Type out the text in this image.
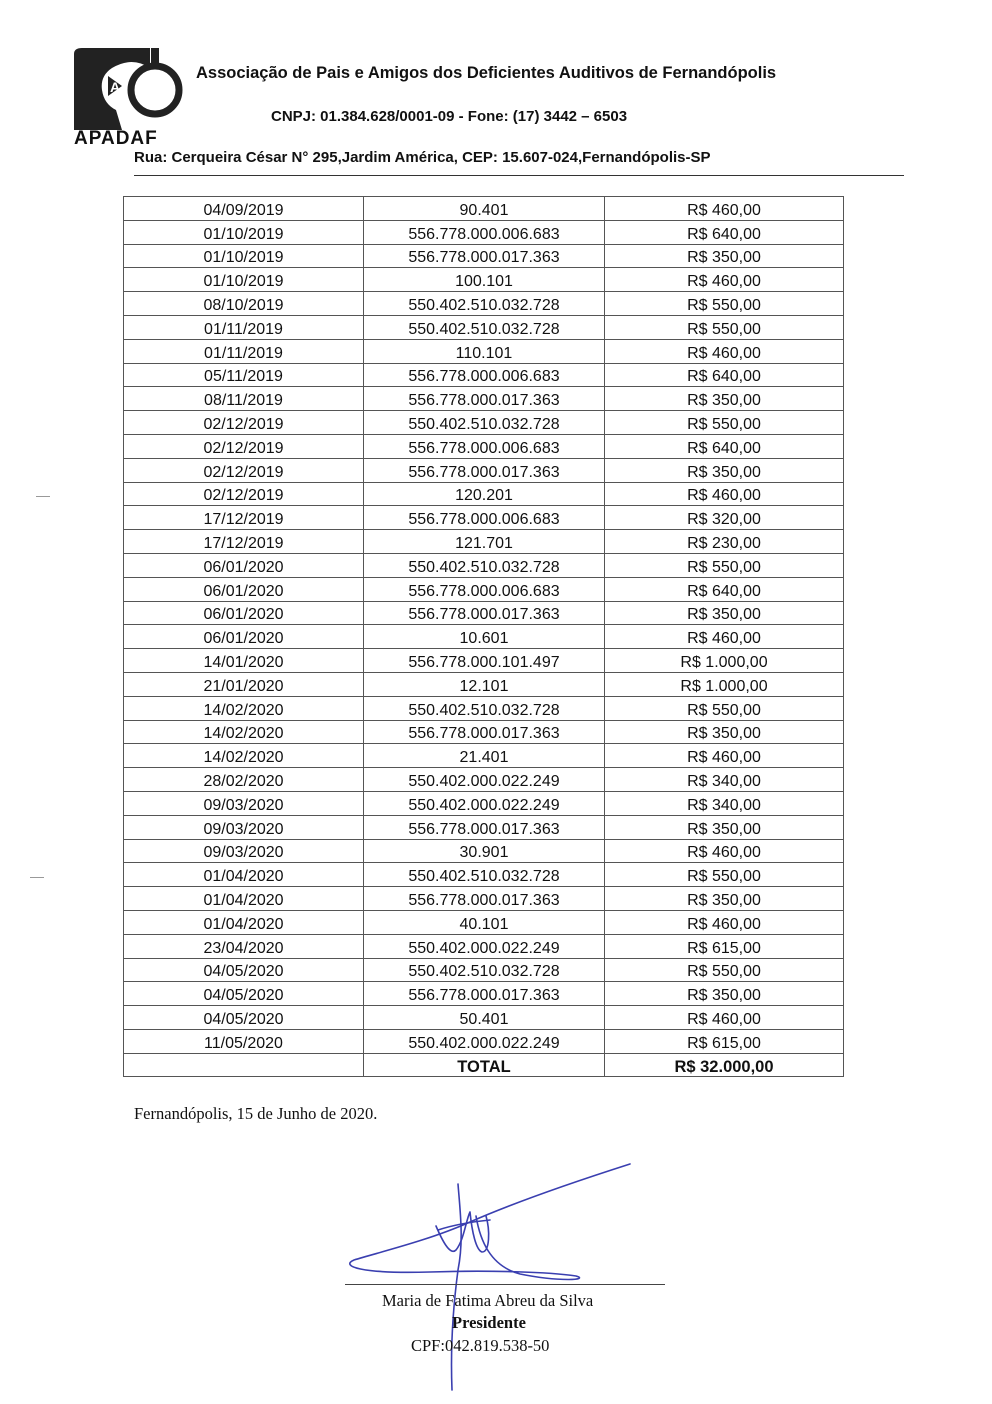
A
APADAF
Associação de Pais e Amigos dos Deficientes Auditivos de Fernandópolis
CNPJ: 01.384.628/0001-09 - Fone: (17) 3442 – 6503
Rua: Cerqueira César N° 295,Jardim América, CEP: 15.607-024,Fernandópolis-SP
04/09/2019	90.401	R$ 460,00
01/10/2019	556.778.000.006.683	R$ 640,00
01/10/2019	556.778.000.017.363	R$ 350,00
01/10/2019	100.101	R$ 460,00
08/10/2019	550.402.510.032.728	R$ 550,00
01/11/2019	550.402.510.032.728	R$ 550,00
01/11/2019	110.101	R$ 460,00
05/11/2019	556.778.000.006.683	R$ 640,00
08/11/2019	556.778.000.017.363	R$ 350,00
02/12/2019	550.402.510.032.728	R$ 550,00
02/12/2019	556.778.000.006.683	R$ 640,00
02/12/2019	556.778.000.017.363	R$ 350,00
02/12/2019	120.201	R$ 460,00
17/12/2019	556.778.000.006.683	R$ 320,00
17/12/2019	121.701	R$ 230,00
06/01/2020	550.402.510.032.728	R$ 550,00
06/01/2020	556.778.000.006.683	R$ 640,00
06/01/2020	556.778.000.017.363	R$ 350,00
06/01/2020	10.601	R$ 460,00
14/01/2020	556.778.000.101.497	R$ 1.000,00
21/01/2020	12.101	R$ 1.000,00
14/02/2020	550.402.510.032.728	R$ 550,00
14/02/2020	556.778.000.017.363	R$ 350,00
14/02/2020	21.401	R$ 460,00
28/02/2020	550.402.000.022.249	R$ 340,00
09/03/2020	550.402.000.022.249	R$ 340,00
09/03/2020	556.778.000.017.363	R$ 350,00
09/03/2020	30.901	R$ 460,00
01/04/2020	550.402.510.032.728	R$ 550,00
01/04/2020	556.778.000.017.363	R$ 350,00
01/04/2020	40.101	R$ 460,00
23/04/2020	550.402.000.022.249	R$ 615,00
04/05/2020	550.402.510.032.728	R$ 550,00
04/05/2020	556.778.000.017.363	R$ 350,00
04/05/2020	50.401	R$ 460,00
11/05/2020	550.402.000.022.249	R$ 615,00
	TOTAL	R$ 32.000,00
Fernandópolis, 15 de Junho de 2020.
Maria de Fatima Abreu da Silva
Presidente
CPF:042.819.538-50
